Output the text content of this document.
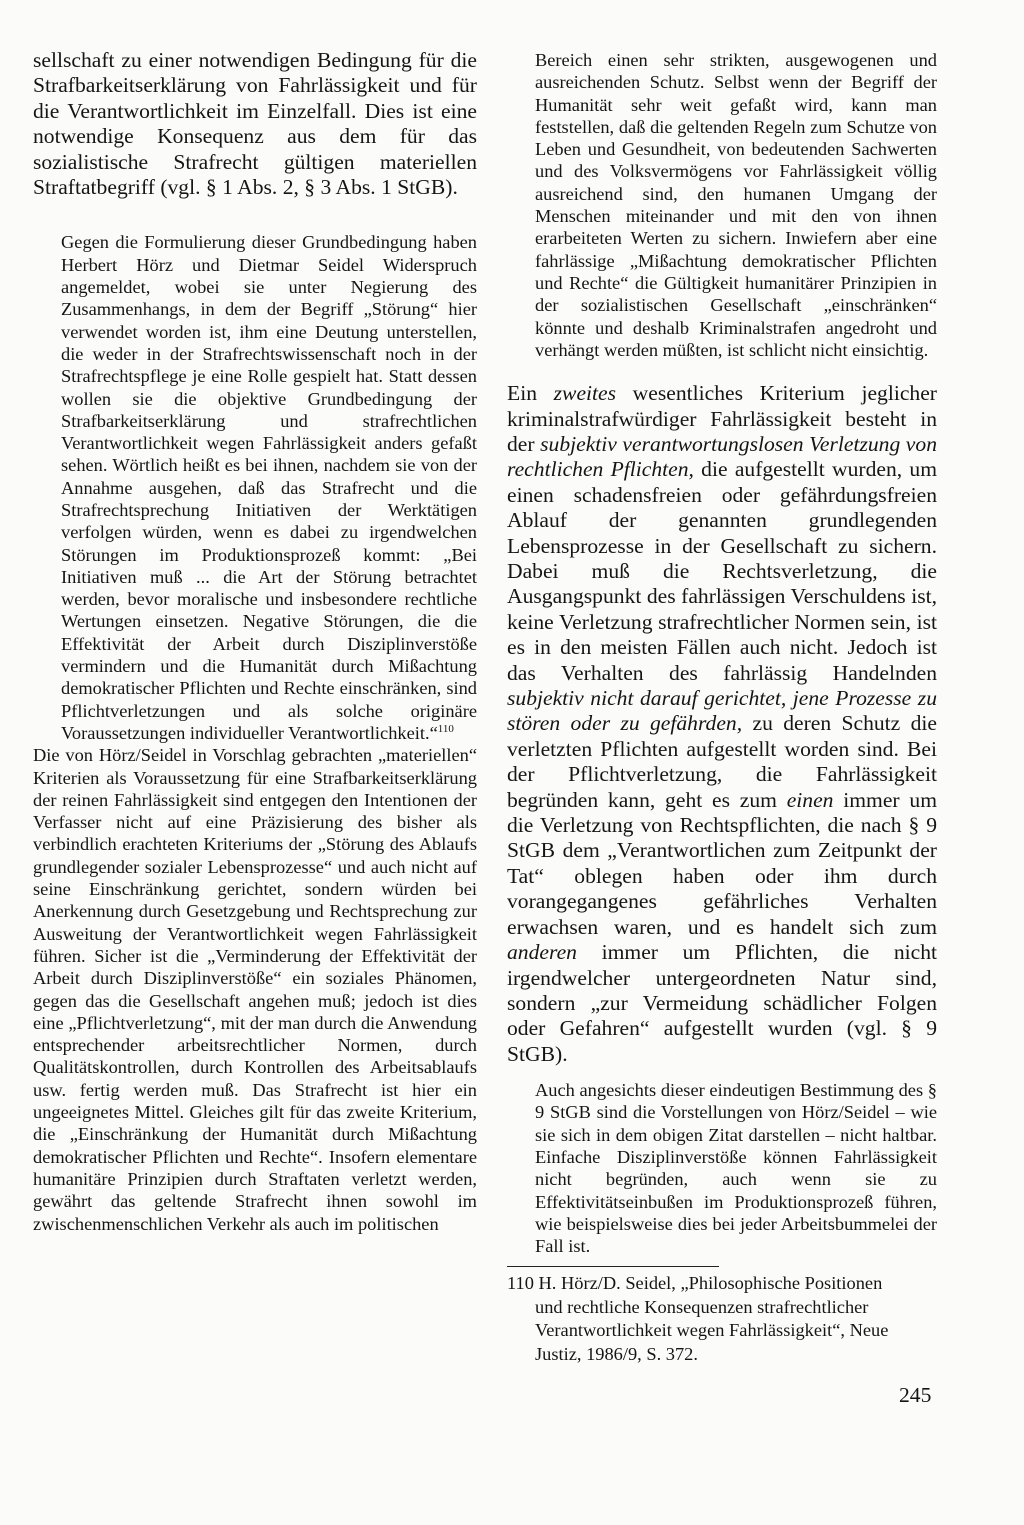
sellschaft zu einer notwendigen Bedingung für die Strafbarkeitserklärung von Fahrlässigkeit und für die Verantwortlichkeit im Einzelfall. Dies ist eine notwendige Konsequenz aus dem für das sozialistische Strafrecht gültigen materiellen Straftatbegriff (vgl. § 1 Abs. 2, § 3 Abs. 1 StGB).

Gegen die Formulierung dieser Grundbedingung haben Herbert Hörz und Dietmar Seidel Widerspruch angemeldet, wobei sie unter Negierung des Zusammenhangs, in dem der Begriff „Störung“ hier verwendet worden ist, ihm eine Deutung unterstellen, die weder in der Strafrechtswissenschaft noch in der Strafrechtspflege je eine Rolle gespielt hat. Statt dessen wollen sie die objektive Grundbedingung der Strafbarkeitserklärung und strafrechtlichen Verantwortlichkeit wegen Fahrlässigkeit anders gefaßt sehen. Wörtlich heißt es bei ihnen, nachdem sie von der Annahme ausgehen, daß das Strafrecht und die Strafrechtsprechung Initiativen der Werktätigen verfolgen würden, wenn es dabei zu irgendwelchen Störungen im Produktionsprozeß kommt: „Bei Initiativen muß ... die Art der Störung betrachtet werden, bevor moralische und insbesondere rechtliche Wertungen einsetzen. Negative Störungen, die die Effektivität der Arbeit durch Disziplinverstöße vermindern und die Humanität durch Mißachtung demokratischer Pflichten und Rechte einschränken, sind Pflichtverletzungen und als solche originäre Voraussetzungen individueller Verantwortlichkeit.“$^{110}$

Die von Hörz/Seidel in Vorschlag gebrachten „materiellen“ Kriterien als Voraussetzung für eine Strafbarkeitserklärung der reinen Fahrlässigkeit sind entgegen den Intentionen der Verfasser nicht auf eine Präzisierung des bisher als verbindlich erachteten Kriteriums der „Störung des Ablaufs grundlegender sozialer Lebensprozesse“ und auch nicht auf seine Einschränkung gerichtet, sondern würden bei Anerkennung durch Gesetzgebung und Rechtsprechung zur Ausweitung der Verantwortlichkeit wegen Fahrlässigkeit führen. Sicher ist die „Verminderung der Effektivität der Arbeit durch Disziplinverstöße“ ein soziales Phänomen, gegen das die Gesellschaft angehen muß; jedoch ist dies eine „Pflichtverletzung“, mit der man durch die Anwendung entsprechender arbeitsrechtlicher Normen, durch Qualitätskontrollen, durch Kontrollen des Arbeitsablaufs usw. fertig werden muß. Das Strafrecht ist hier ein ungeeignetes Mittel. Gleiches gilt für das zweite Kriterium, die „Einschränkung der Humanität durch Mißachtung demokratischer Pflichten und Rechte“. Insofern elementare humanitäre Prinzipien durch Straftaten verletzt werden, gewährt das geltende Strafrecht ihnen sowohl im zwischenmenschlichen Verkehr als auch im politischen

Bereich einen sehr strikten, ausgewogenen und ausreichenden Schutz. Selbst wenn der Begriff der Humanität sehr weit gefaßt wird, kann man feststellen, daß die geltenden Regeln zum Schutze von Leben und Gesundheit, von bedeutenden Sachwerten und des Volksvermögens vor Fahrlässigkeit völlig ausreichend sind, den humanen Umgang der Menschen miteinander und mit den von ihnen erarbeiteten Werten zu sichern. Inwiefern aber eine fahrlässige „Mißachtung demokratischer Pflichten und Rechte“ die Gültigkeit humanitärer Prinzipien in der sozialistischen Gesellschaft „einschränken“ könnte und deshalb Kriminalstrafen angedroht und verhängt werden müßten, ist schlicht nicht einsichtig.

Ein zweites wesentliches Kriterium jeglicher kriminalstrafwürdiger Fahrlässigkeit besteht in der subjektiv verantwortungslosen Verletzung von rechtlichen Pflichten, die aufgestellt wurden, um einen schadensfreien oder gefährdungsfreien Ablauf der genannten grundlegenden Lebensprozesse in der Gesellschaft zu sichern. Dabei muß die Rechtsverletzung, die Ausgangspunkt des fahrlässigen Verschuldens ist, keine Verletzung strafrechtlicher Normen sein, ist es in den meisten Fällen auch nicht. Jedoch ist das Verhalten des fahrlässig Handelnden subjektiv nicht darauf gerichtet, jene Prozesse zu stören oder zu gefährden, zu deren Schutz die verletzten Pflichten aufgestellt worden sind. Bei der Pflichtverletzung, die Fahrlässigkeit begründen kann, geht es zum einen immer um die Verletzung von Rechtspflichten, die nach § 9 StGB dem „Verantwortlichen zum Zeitpunkt der Tat“ oblegen haben oder ihm durch vorangegangenes gefährliches Verhalten erwachsen waren, und es handelt sich zum anderen immer um Pflichten, die nicht irgendwelcher untergeordneten Natur sind, sondern „zur Vermeidung schädlicher Folgen oder Gefahren“ aufgestellt wurden (vgl. § 9 StGB).

Auch angesichts dieser eindeutigen Bestimmung des § 9 StGB sind die Vorstellungen von Hörz/Seidel – wie sie sich in dem obigen Zitat darstellen – nicht haltbar. Einfache Disziplinverstöße können Fahrlässigkeit nicht begründen, auch wenn sie zu Effektivitätseinbußen im Produktionsprozeß führen, wie beispielsweise dies bei jeder Arbeitsbummelei der Fall ist.

110 H. Hörz/D. Seidel, „Philosophische Positionen
und rechtliche Konsequenzen strafrechtlicher
Verantwortlichkeit wegen Fahrlässigkeit“, Neue
Justiz, 1986/9, S. 372.
245
